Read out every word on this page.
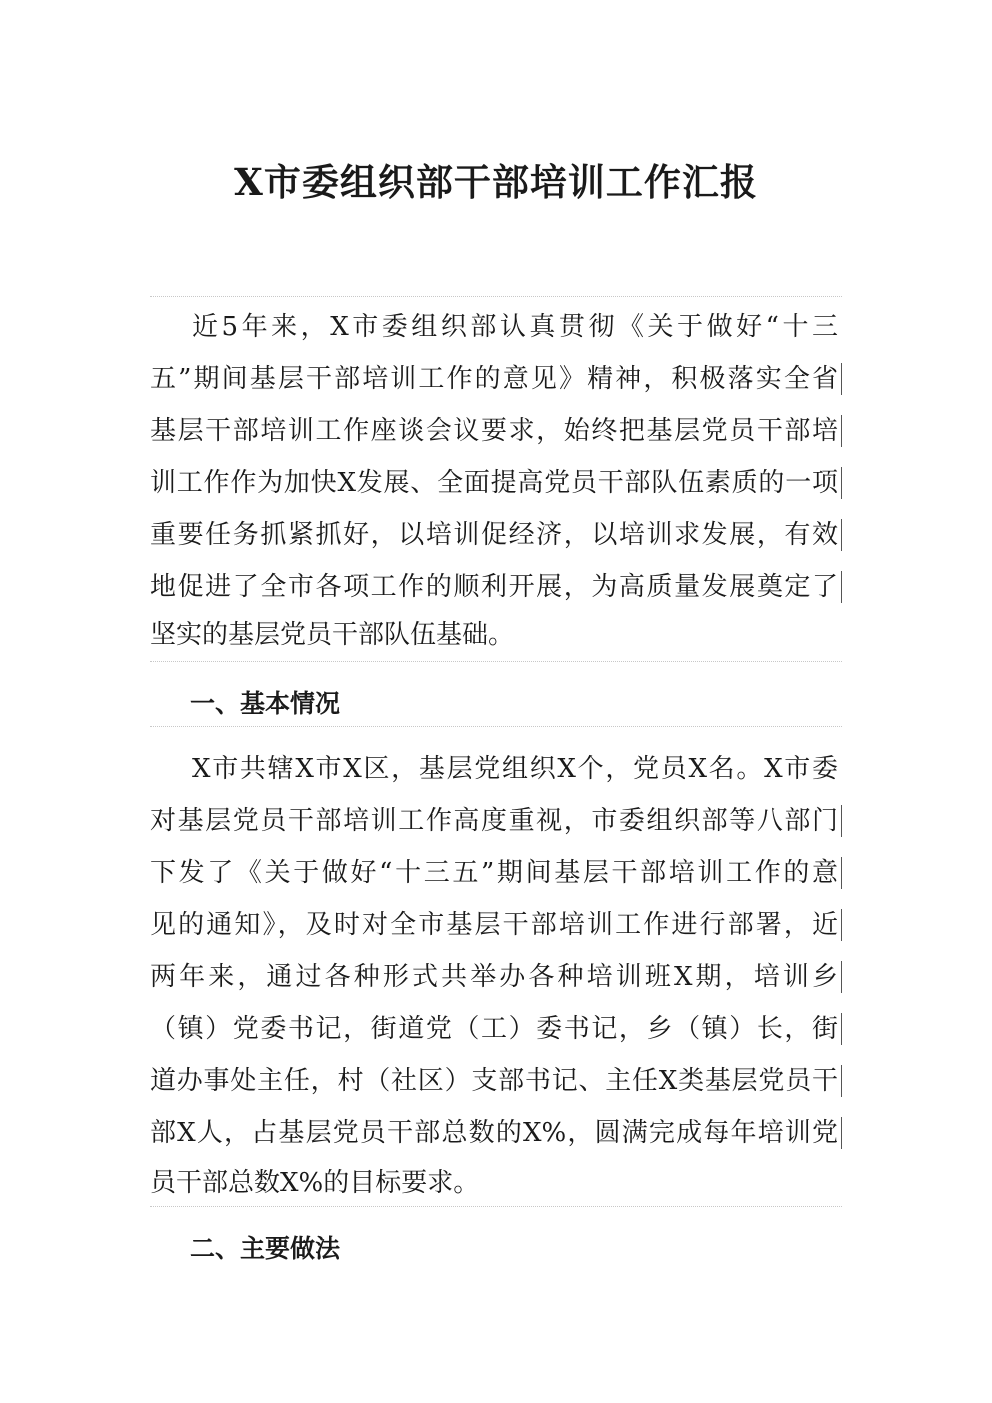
X市委组织部干部培训工作汇报
近5年来，X市委组织部认真贯彻《关于做好“十三
五”期间基层干部培训工作的意见》精神，积极落实全省
基层干部培训工作座谈会议要求，始终把基层党员干部培
训工作作为加快X发展、全面提高党员干部队伍素质的一项
重要任务抓紧抓好，以培训促经济，以培训求发展，有效
地促进了全市各项工作的顺利开展，为高质量发展奠定了
坚实的基层党员干部队伍基础。
一、基本情况
X市共辖X市X区，基层党组织X个，党员X名。X市委
对基层党员干部培训工作高度重视，市委组织部等八部门
下发了《关于做好“十三五”期间基层干部培训工作的意
见的通知》，及时对全市基层干部培训工作进行部署，近
两年来，通过各种形式共举办各种培训班X期，培训乡
（镇）党委书记，街道党（工）委书记，乡（镇）长，街
道办事处主任，村（社区）支部书记、主任X类基层党员干
部X人，占基层党员干部总数的X%，圆满完成每年培训党
员干部总数X%的目标要求。
二、主要做法
